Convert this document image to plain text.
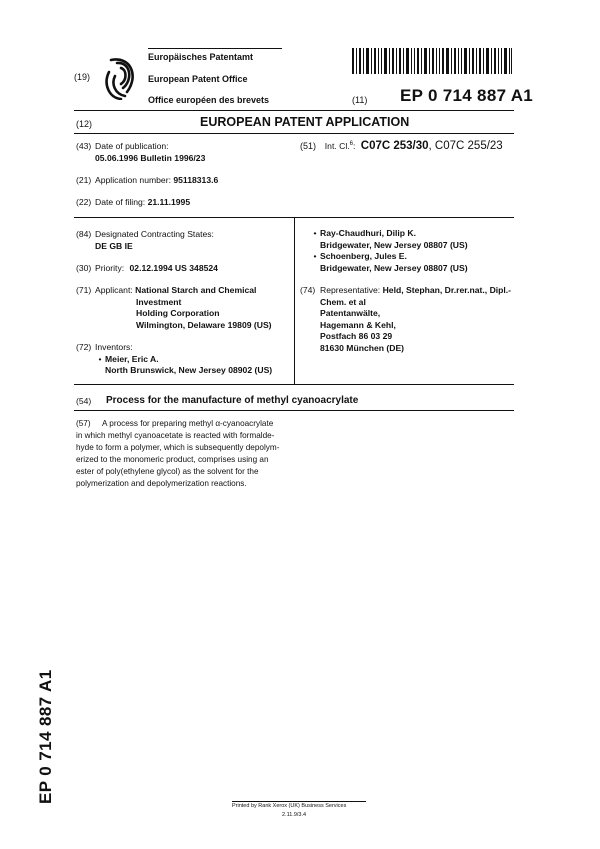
(19)
Europäisches Patentamt
European Patent Office
Office européen des brevets	(11) EP 0 714 887 A1
(12)	EUROPEAN PATENT APPLICATION
(43) Date of publication:
05.06.1996 Bulletin 1996/23
(51) Int. Cl.$^6$: C07C 253/30, C07C 255/23
(21) Application number: 95118313.6
(22) Date of filing: 21.11.1995
(84) Designated Contracting States:
DE GB IE
(30) Priority: 02.12.1994 US 348524
(71) Applicant: National Starch and Chemical
Investment
Holding Corporation
Wilmington, Delaware 19809 (US)
(72) Inventors:
• Meier, Eric A.
North Brunswick, New Jersey 08902 (US)
• Ray-Chaudhuri, Dilip K.
Bridgewater, New Jersey 08807 (US)
• Schoenberg, Jules E.
Bridgewater, New Jersey 08807 (US)
(74) Representative: Held, Stephan, Dr.rer.nat., Dipl.-
Chem. et al
Patentanwälte,
Hagemann & Kehl,
Postfach 86 03 29
81630 München (DE)
(54) Process for the manufacture of methyl cyanoacrylate
(57) A process for preparing methyl α-cyanoacrylate
in which methyl cyanoacetate is reacted with formalde-
hyde to form a polymer, which is subsequently depolym-
erized to the monomeric product, comprises using an
ester of poly(ethylene glycol) as the solvent for the
polymerization and depolymerization reactions.
EP 0 714 887 A1
Printed by Rank Xerox (UK) Business Services
2.11.9/3.4
